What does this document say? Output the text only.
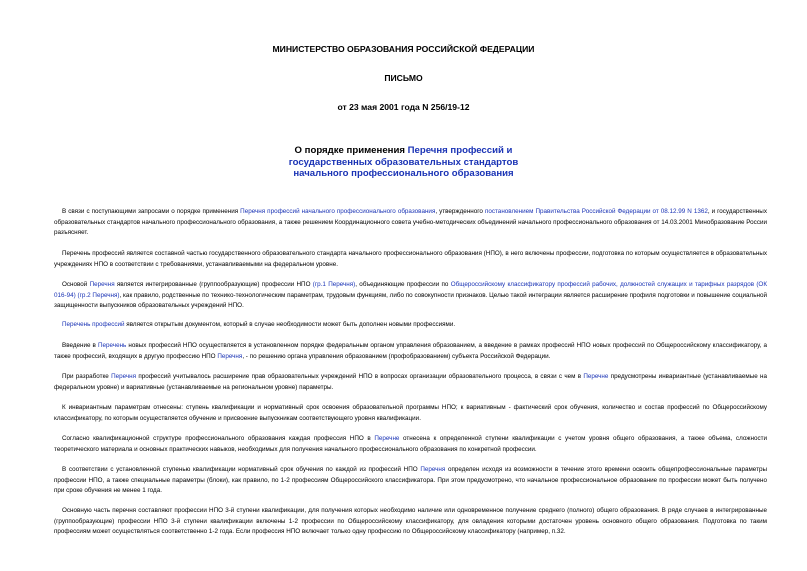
МИНИСТЕРСТВО ОБРАЗОВАНИЯ РОССИЙСКОЙ ФЕДЕРАЦИИ
ПИСЬМО
от 23 мая 2001 года N 256/19-12
О порядке применения Перечня профессий и
государственных образовательных стандартов
начального профессионального образования
В связи с поступающими запросами о порядке применения Перечня профессий начального профессионального образования, утвержденного постановлением Правительства Российской Федерации от 08.12.99 N 1362, и государственных образовательных стандартов начального профессионального образования, а также решением Координационного совета учебно-методических объединений начального профессионального образования от 14.03.2001 Минобразование России разъясняет.
Перечень профессий является составной частью государственного образовательного стандарта начального профессионального образования (НПО), в него включены профессии, подготовка по которым осуществляется в образовательных учреждениях НПО в соответствии с требованиями, устанавливаемыми на федеральном уровне.
Основой Перечня является интегрированные (группообразующие) профессии НПО (гр.1 Перечня), объединяющие профессии по Общероссийскому классификатору профессий рабочих, должностей служащих и тарифных разрядов (ОК 016-94) (гр.2 Перечня), как правило, родственные по технико-технологическим параметрам, трудовым функциям, либо по совокупности признаков. Целью такой интеграции является расширение профиля подготовки и повышение социальной защищенности выпускников образовательных учреждений НПО.
Перечень профессий является открытым документом, который в случае необходимости может быть дополнен новыми профессиями.
Введение в Перечень новых профессий НПО осуществляется в установленном порядке федеральным органом управления образованием, а введение в рамках профессий НПО новых профессий по Общероссийскому классификатору, а также профессий, входящих в другую профессию НПО Перечня, - по решению органа управления образованием (профобразованием) субъекта Российской Федерации.
При разработке Перечня профессий учитывалось расширение прав образовательных учреждений НПО в вопросах организации образовательного процесса, в связи с чем в Перечне предусмотрены инвариантные (устанавливаемые на федеральном уровне) и вариативные (устанавливаемые на региональном уровне) параметры.
К инвариантным параметрам отнесены: ступень квалификации и нормативный срок освоения образовательной программы НПО; к вариативным - фактический срок обучения, количество и состав профессий по Общероссийскому классификатору, по которым осуществляется обучение и присвоение выпускникам соответствующего уровня квалификации.
Согласно квалификационной структуре профессионального образования каждая профессия НПО в Перечне отнесена к определенной ступени квалификации с учетом уровня общего образования, а также объема, сложности теоретического материала и основных практических навыков, необходимых для получения начального профессионального образования по конкретной профессии.
В соответствии с установленной ступенью квалификации нормативный срок обучения по каждой из профессий НПО Перечня определен исходя из возможности в течение этого времени освоить общепрофессиональные параметры профессии НПО, а также специальные параметры (блоки), как правило, по 1-2 профессиям Общероссийского классификатора. При этом предусмотрено, что начальное профессиональное образование по профессии может быть получено при сроке обучения не менее 1 года.
Основную часть перечня составляют профессии НПО 3-й ступени квалификации, для получения которых необходимо наличие или одновременное получение среднего (полного) общего образования. В ряде случаев в интегрированные (группообразующие) профессии НПО 3-й ступени квалификации включены 1-2 профессии по Общероссийскому классификатору, для овладения которыми достаточен уровень основного общего образования. Подготовка по таким профессиям может осуществляться соответственно 1-2 года. Если профессия НПО включает только одну профессию по Общероссийскому классификатору (например, п.32.
